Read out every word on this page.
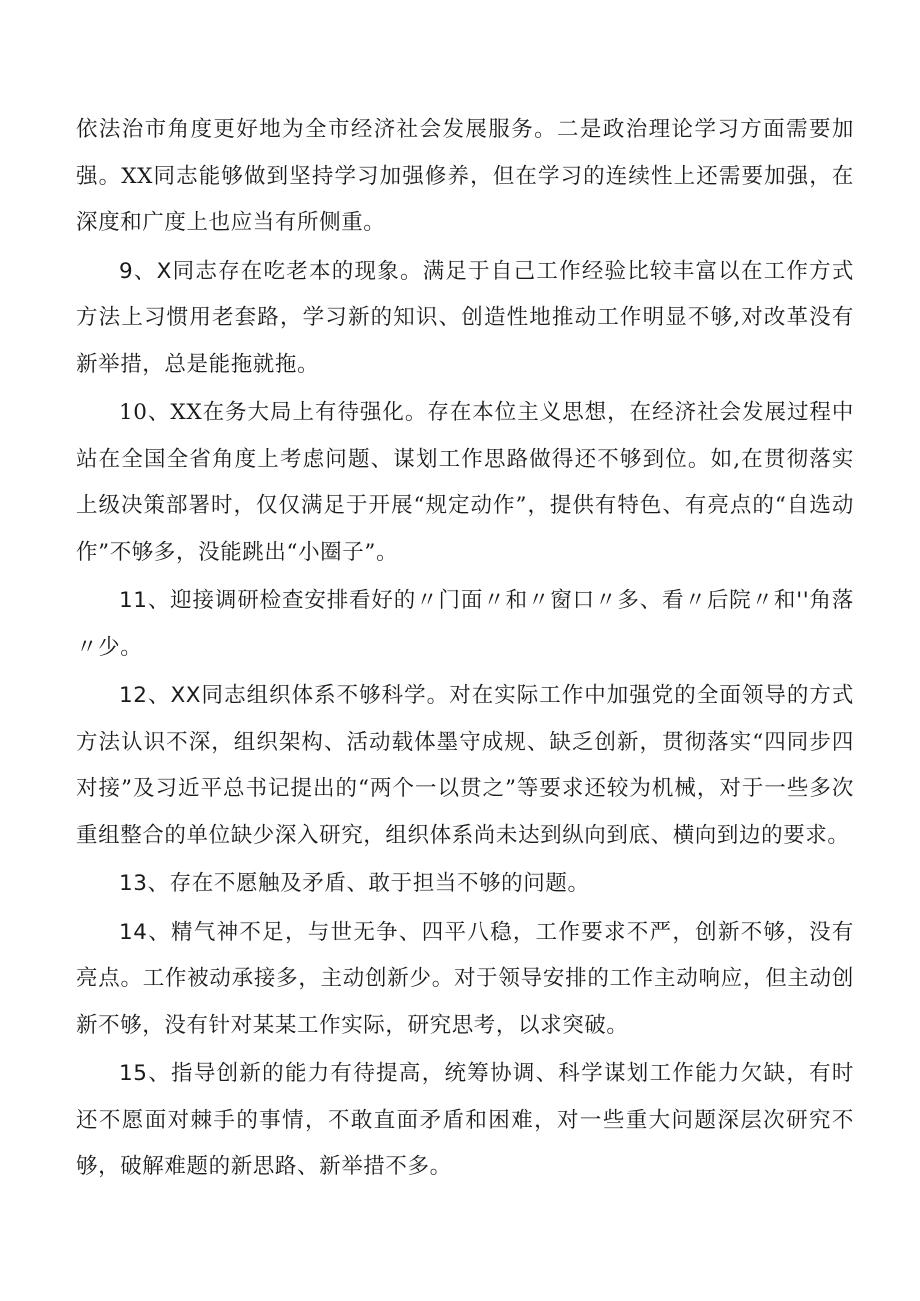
依法治市角度更好地为全市经济社会发展服务。二是政治理论学习方面需要加强。XX同志能够做到坚持学习加强修养，但在学习的连续性上还需要加强，在深度和广度上也应当有所侧重。

9、X同志存在吃老本的现象。满足于自己工作经验比较丰富以在工作方式方法上习惯用老套路，学习新的知识、创造性地推动工作明显不够,对改革没有新举措，总是能拖就拖。

10、XX在务大局上有待强化。存在本位主义思想，在经济社会发展过程中站在全国全省角度上考虑问题、谋划工作思路做得还不够到位。如,在贯彻落实上级决策部署时，仅仅满足于开展“规定动作”，提供有特色、有亮点的“自选动作”不够多，没能跳出“小圈子”。

11、迎接调研检查安排看好的〃门面〃和〃窗口〃多、看〃后院〃和''角落〃少。

12、XX同志组织体系不够科学。对在实际工作中加强党的全面领导的方式方法认识不深，组织架构、活动载体墨守成规、缺乏创新，贯彻落实“四同步四对接”及习近平总书记提出的“两个一以贯之”等要求还较为机械，对于一些多次重组整合的单位缺少深入研究，组织体系尚未达到纵向到底、横向到边的要求。

13、存在不愿触及矛盾、敢于担当不够的问题。

14、精气神不足，与世无争、四平八稳，工作要求不严，创新不够，没有亮点。工作被动承接多，主动创新少。对于领导安排的工作主动响应，但主动创新不够，没有针对某某工作实际，研究思考，以求突破。

15、指导创新的能力有待提高，统筹协调、科学谋划工作能力欠缺，有时还不愿面对棘手的事情，不敢直面矛盾和困难，对一些重大问题深层次研究不够，破解难题的新思路、新举措不多。
